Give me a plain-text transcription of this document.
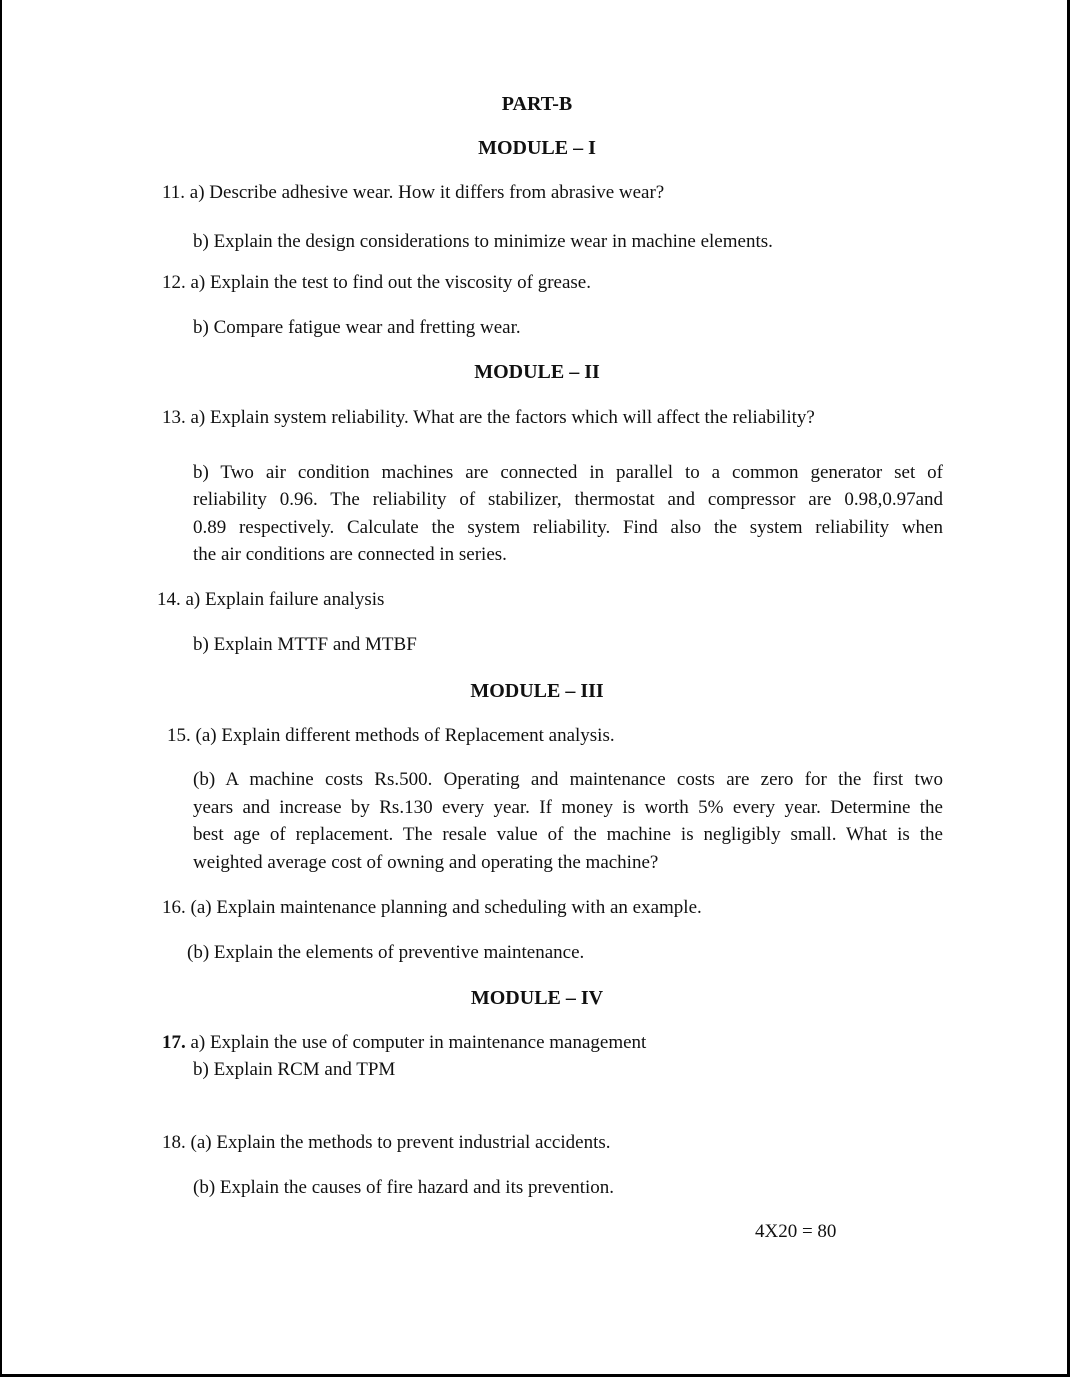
PART-B
MODULE – I
11. a) Describe adhesive wear. How it differs from abrasive wear?
b) Explain the design considerations to minimize wear in machine elements.
12. a) Explain the test to find out the viscosity of grease.
b) Compare fatigue wear and fretting wear.
MODULE – II
13. a) Explain system reliability. What are the factors which will affect the reliability?
b) Two air condition machines are connected in parallel to a common generator set of
reliability 0.96. The reliability of stabilizer, thermostat and compressor are 0.98,0.97and
0.89 respectively. Calculate the system reliability. Find also the system reliability when
the air conditions are connected in series.
14. a) Explain failure analysis
b) Explain MTTF and MTBF
MODULE – III
15. (a) Explain different methods of Replacement analysis.
(b) A machine costs Rs.500. Operating and maintenance costs are zero for the first two
years and increase by Rs.130 every year. If money is worth 5% every year. Determine the
best age of replacement. The resale value of the machine is negligibly small. What is the
weighted average cost of owning and operating the machine?
16. (a) Explain maintenance planning and scheduling with an example.
(b) Explain the elements of preventive maintenance.
MODULE – IV
17. a) Explain the use of computer in maintenance management
b) Explain RCM and TPM
18. (a) Explain the methods to prevent industrial accidents.
(b) Explain the causes of fire hazard and its prevention.
4X20 = 80
